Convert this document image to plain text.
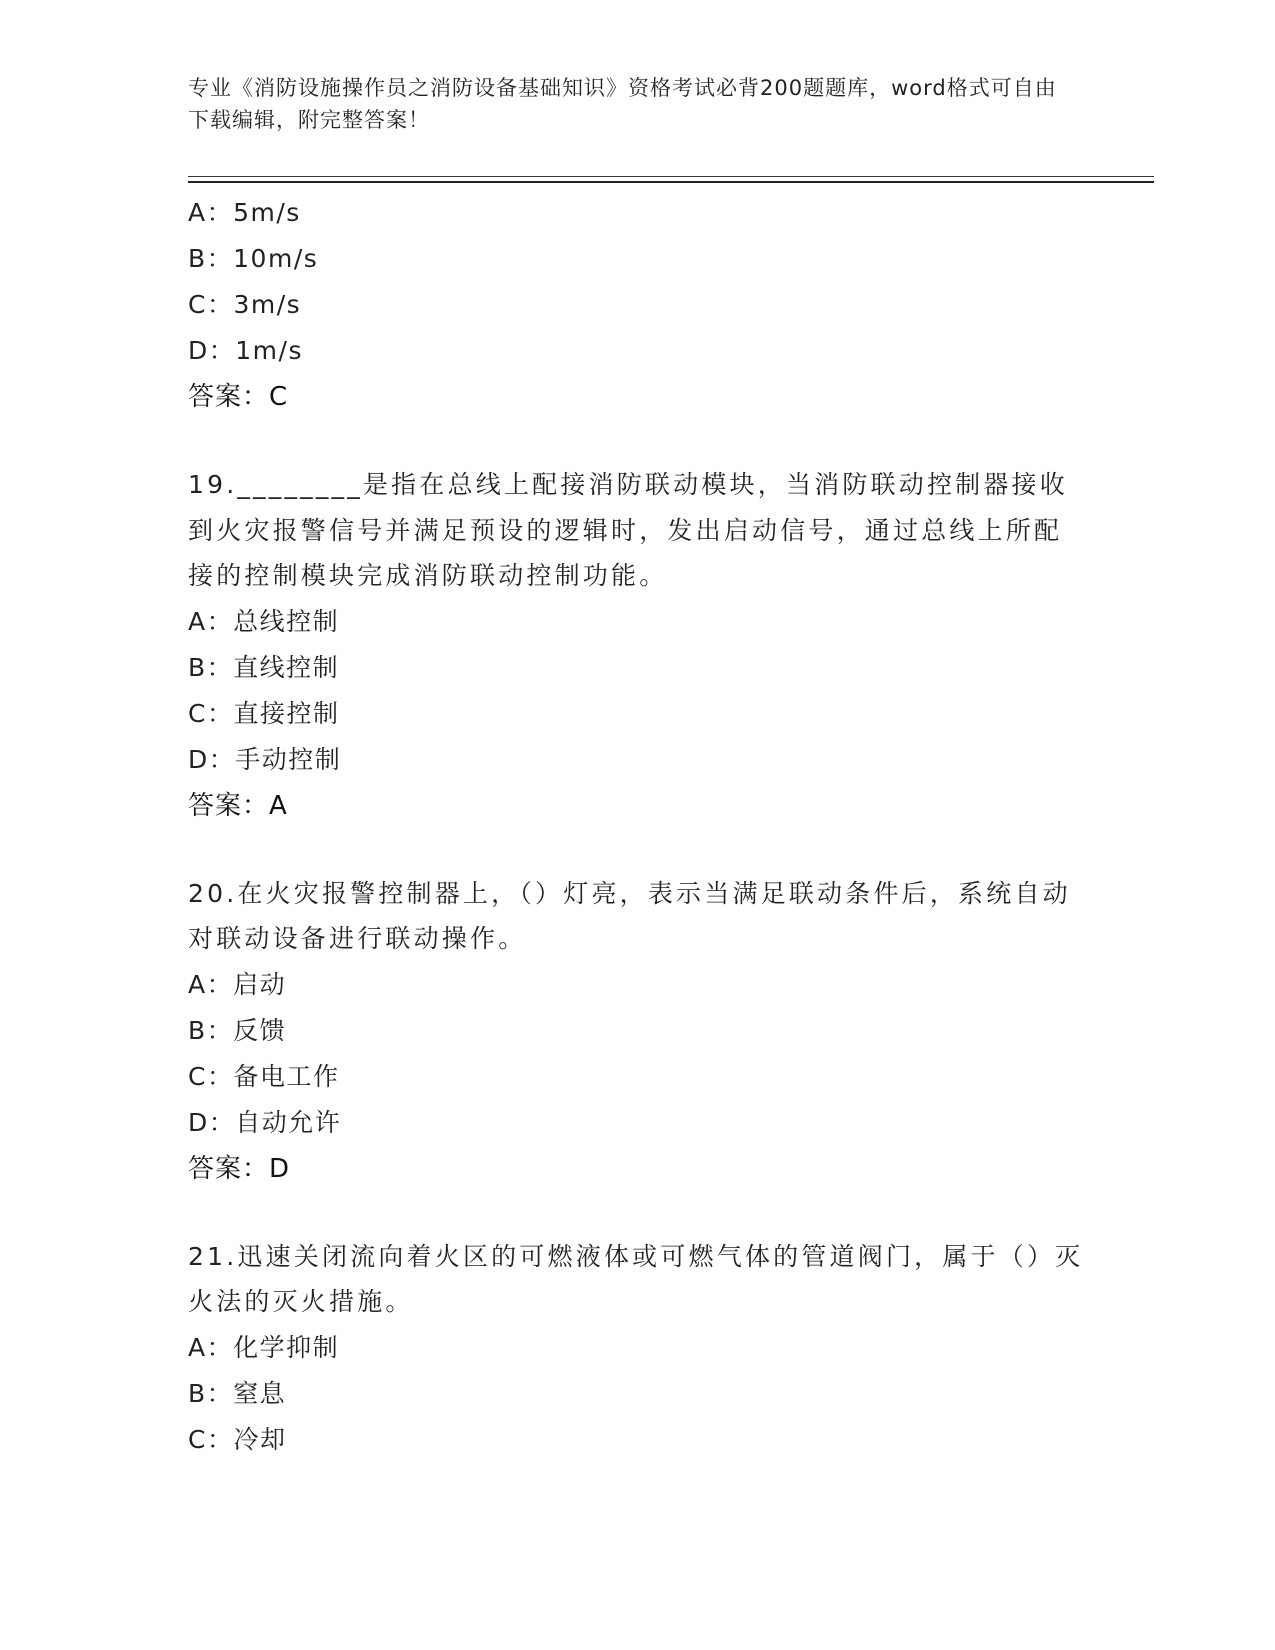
专业《消防设施操作员之消防设备基础知识》资格考试必背200题题库，word格式可自由下载编辑，附完整答案！
A：5m/s
B：10m/s
C：3m/s
D：1m/s
答案：C
19.________是指在总线上配接消防联动模块，当消防联动控制器接收到火灾报警信号并满足预设的逻辑时，发出启动信号，通过总线上所配接的控制模块完成消防联动控制功能。
A：总线控制
B：直线控制
C：直接控制
D：手动控制
答案：A
20.在火灾报警控制器上，（）灯亮，表示当满足联动条件后，系统自动对联动设备进行联动操作。
A：启动
B：反馈
C：备电工作
D：自动允许
答案：D
21.迅速关闭流向着火区的可燃液体或可燃气体的管道阀门，属于（）灭火法的灭火措施。
A：化学抑制
B：窒息
C：冷却
